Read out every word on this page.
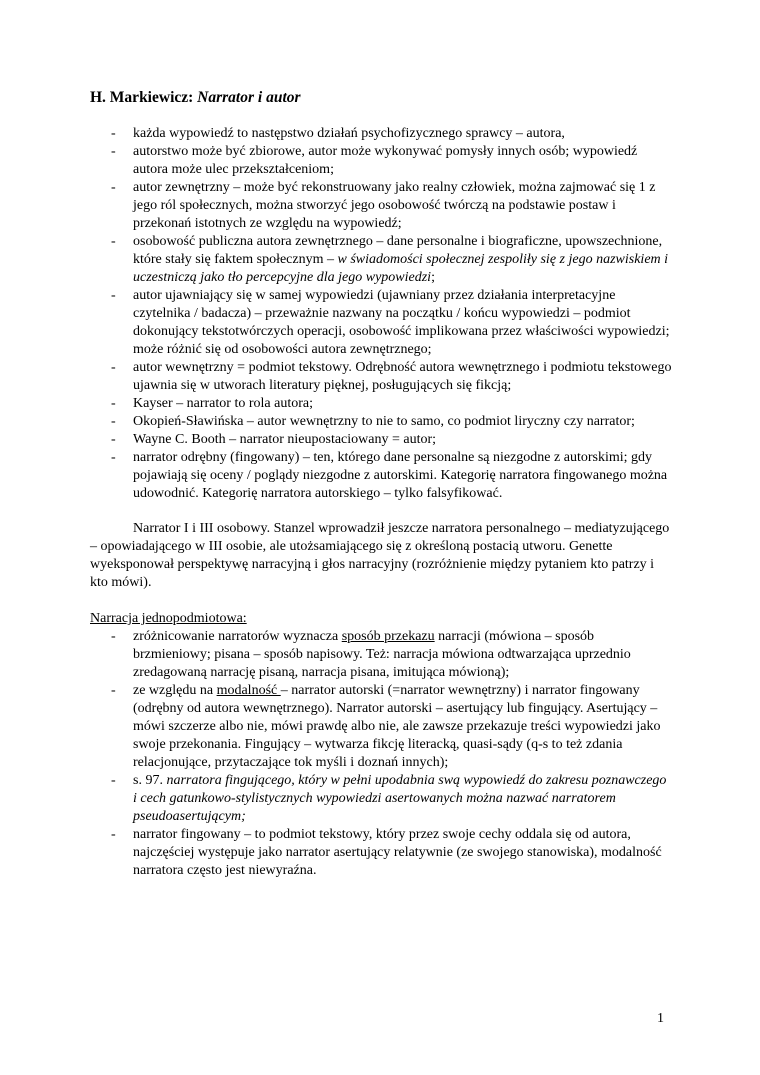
H. Markiewicz: Narrator i autor
- każda wypowiedź to następstwo działań psychofizycznego sprawcy – autora,
- autorstwo może być zbiorowe, autor może wykonywać pomysły innych osób; wypowiedź autora może ulec przekształceniom;
- autor zewnętrzny – może być rekonstruowany jako realny człowiek, można zajmować się 1 z jego ról społecznych, można stworzyć jego osobowość twórczą na podstawie postaw i przekonań istotnych ze względu na wypowiedź;
- osobowość publiczna autora zewnętrznego – dane personalne i biograficzne, upowszechnione, które stały się faktem społecznym – w świadomości społecznej zespoliły się z jego nazwiskiem i uczestniczą jako tło percepcyjne dla jego wypowiedzi;
- autor ujawniający się w samej wypowiedzi (ujawniany przez działania interpretacyjne czytelnika / badacza) – przeważnie nazwany na początku / końcu wypowiedzi – podmiot dokonujący tekstotwórczych operacji, osobowość implikowana przez właściwości wypowiedzi; może różnić się od osobowości autora zewnętrznego;
- autor wewnętrzny = podmiot tekstowy. Odrębność autora wewnętrznego i podmiotu tekstowego ujawnia się w utworach literatury pięknej, posługujących się fikcją;
- Kayser – narrator to rola autora;
- Okopień-Sławińska – autor wewnętrzny to nie to samo, co podmiot liryczny czy narrator;
- Wayne C. Booth – narrator nieupostaciowany = autor;
- narrator odrębny (fingowany) – ten, którego dane personalne są niezgodne z autorskimi; gdy pojawiają się oceny / poglądy niezgodne z autorskimi. Kategorię narratora fingowanego można udowodnić. Kategorię narratora autorskiego – tylko falsyfikować.

Narrator I i III osobowy. Stanzel wprowadził jeszcze narratora personalnego – mediatyzującego – opowiadającego w III osobie, ale utożsamiającego się z określoną postacią utworu. Genette wyeksponował perspektywę narracyjną i głos narracyjny (rozróżnienie między pytaniem kto patrzy i kto mówi).

Narracja jednopodmiotowa:

- zróżnicowanie narratorów wyznacza sposób przekazu narracji (mówiona – sposób brzmieniowy; pisana – sposób napisowy. Też: narracja mówiona odtwarzająca uprzednio zredagowaną narrację pisaną, narracja pisana, imitująca mówioną);
- ze względu na modalność – narrator autorski (=narrator wewnętrzny) i narrator fingowany (odrębny od autora wewnętrznego). Narrator autorski – asertujący lub fingujący. Asertujący – mówi szczerze albo nie, mówi prawdę albo nie, ale zawsze przekazuje treści wypowiedzi jako swoje przekonania. Fingujący – wytwarza fikcję literacką, quasi-sądy (q-s to też zdania relacjonujące, przytaczające tok myśli i doznań innych);
- s. 97. narratora fingującego, który w pełni upodabnia swą wypowiedź do zakresu poznawczego i cech gatunkowo-stylistycznych wypowiedzi asertowanych można nazwać narratorem pseudoasertującym;
- narrator fingowany – to podmiot tekstowy, który przez swoje cechy oddala się od autora, najczęściej występuje jako narrator asertujący relatywnie (ze swojego stanowiska), modalność narratora często jest niewyraźna.
1
